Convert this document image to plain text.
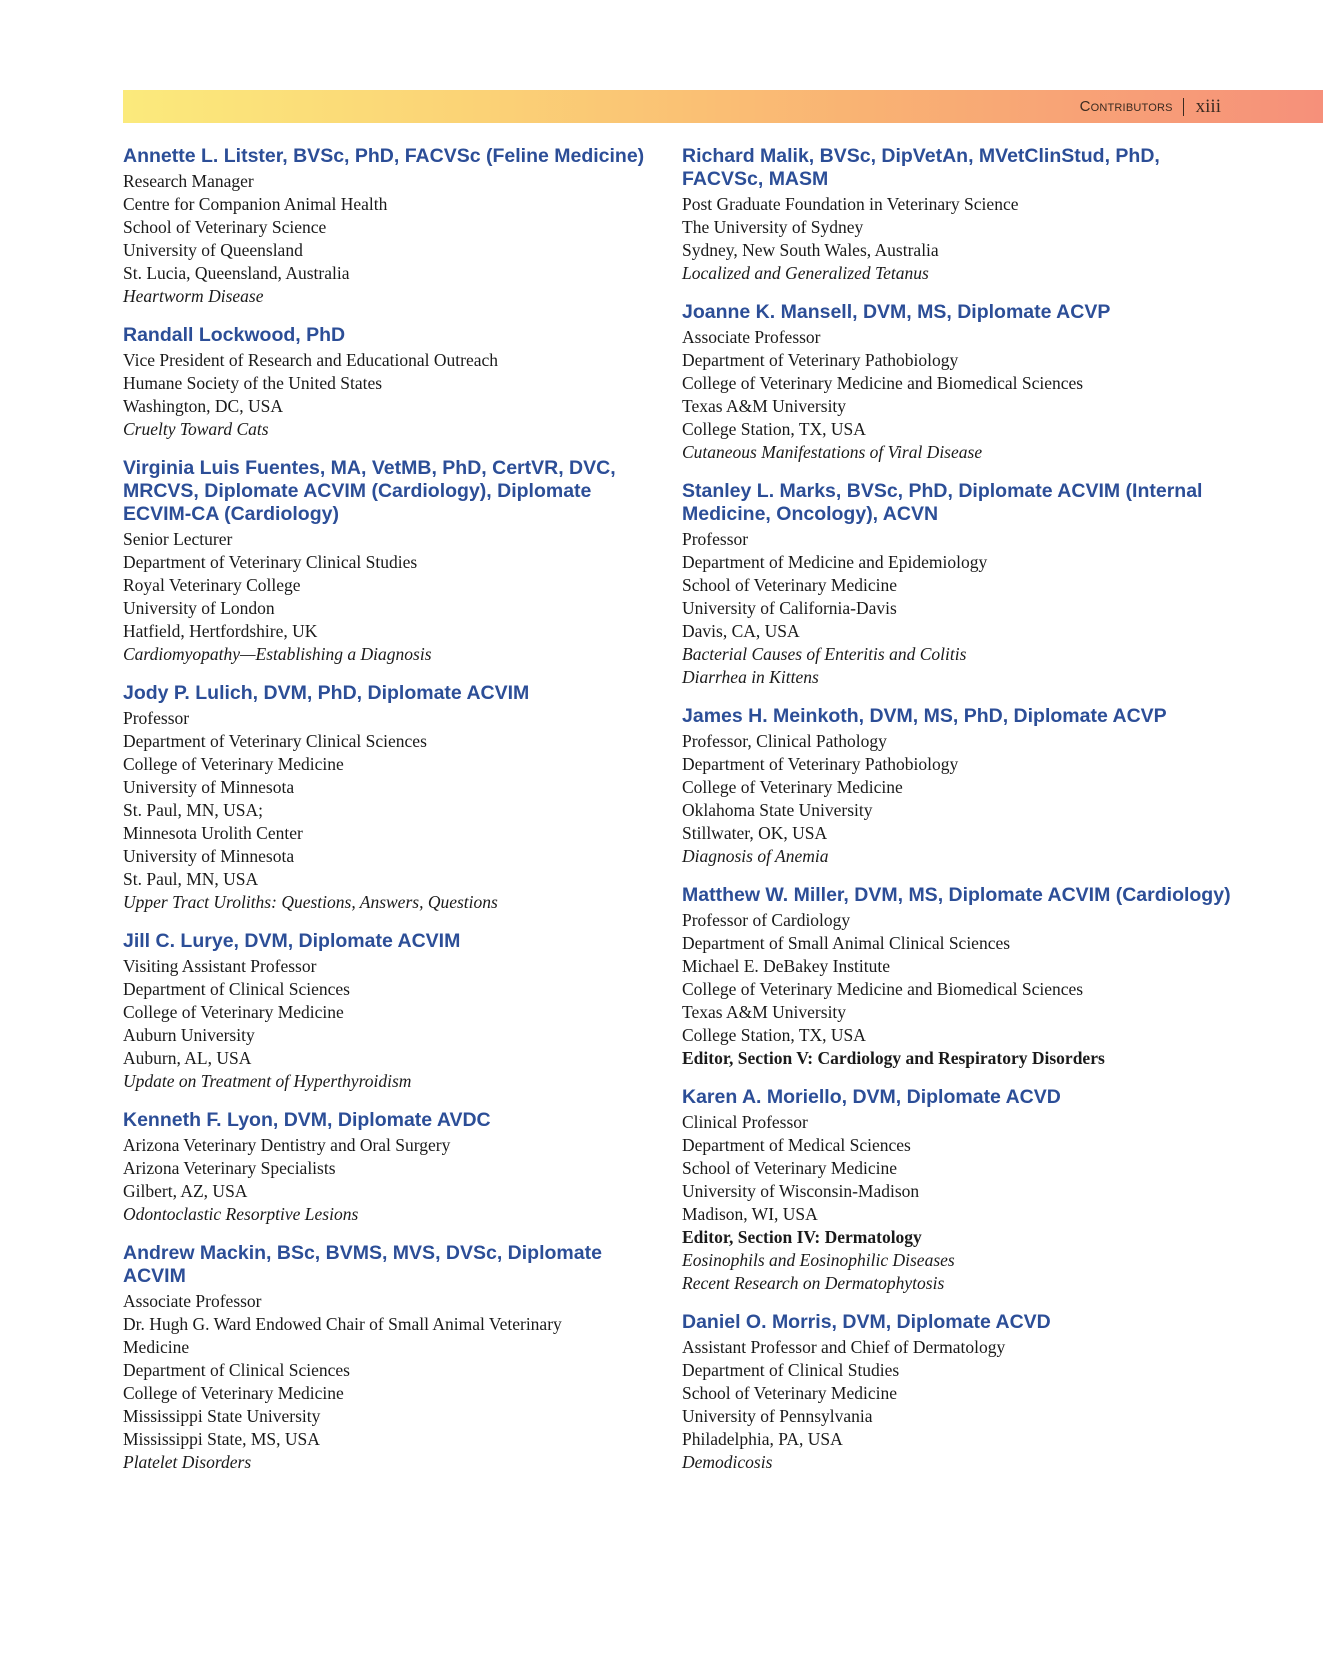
Contributors xiii
Annette L. Litster, BVSc, PhD, FACVSc (Feline Medicine)
Research Manager
Centre for Companion Animal Health
School of Veterinary Science
University of Queensland
St. Lucia, Queensland, Australia
Heartworm Disease
Randall Lockwood, PhD
Vice President of Research and Educational Outreach
Humane Society of the United States
Washington, DC, USA
Cruelty Toward Cats
Virginia Luis Fuentes, MA, VetMB, PhD, CertVR, DVC, MRCVS, Diplomate ACVIM (Cardiology), Diplomate ECVIM-CA (Cardiology)
Senior Lecturer
Department of Veterinary Clinical Studies
Royal Veterinary College
University of London
Hatfield, Hertfordshire, UK
Cardiomyopathy—Establishing a Diagnosis
Jody P. Lulich, DVM, PhD, Diplomate ACVIM
Professor
Department of Veterinary Clinical Sciences
College of Veterinary Medicine
University of Minnesota
St. Paul, MN, USA;
Minnesota Urolith Center
University of Minnesota
St. Paul, MN, USA
Upper Tract Uroliths: Questions, Answers, Questions
Jill C. Lurye, DVM, Diplomate ACVIM
Visiting Assistant Professor
Department of Clinical Sciences
College of Veterinary Medicine
Auburn University
Auburn, AL, USA
Update on Treatment of Hyperthyroidism
Kenneth F. Lyon, DVM, Diplomate AVDC
Arizona Veterinary Dentistry and Oral Surgery
Arizona Veterinary Specialists
Gilbert, AZ, USA
Odontoclastic Resorptive Lesions
Andrew Mackin, BSc, BVMS, MVS, DVSc, Diplomate ACVIM
Associate Professor
Dr. Hugh G. Ward Endowed Chair of Small Animal Veterinary
Medicine
Department of Clinical Sciences
College of Veterinary Medicine
Mississippi State University
Mississippi State, MS, USA
Platelet Disorders
Richard Malik, BVSc, DipVetAn, MVetClinStud, PhD, FACVSc, MASM
Post Graduate Foundation in Veterinary Science
The University of Sydney
Sydney, New South Wales, Australia
Localized and Generalized Tetanus
Joanne K. Mansell, DVM, MS, Diplomate ACVP
Associate Professor
Department of Veterinary Pathobiology
College of Veterinary Medicine and Biomedical Sciences
Texas A&M University
College Station, TX, USA
Cutaneous Manifestations of Viral Disease
Stanley L. Marks, BVSc, PhD, Diplomate ACVIM (Internal Medicine, Oncology), ACVN
Professor
Department of Medicine and Epidemiology
School of Veterinary Medicine
University of California-Davis
Davis, CA, USA
Bacterial Causes of Enteritis and Colitis
Diarrhea in Kittens
James H. Meinkoth, DVM, MS, PhD, Diplomate ACVP
Professor, Clinical Pathology
Department of Veterinary Pathobiology
College of Veterinary Medicine
Oklahoma State University
Stillwater, OK, USA
Diagnosis of Anemia
Matthew W. Miller, DVM, MS, Diplomate ACVIM (Cardiology)
Professor of Cardiology
Department of Small Animal Clinical Sciences
Michael E. DeBakey Institute
College of Veterinary Medicine and Biomedical Sciences
Texas A&M University
College Station, TX, USA
Editor, Section V: Cardiology and Respiratory Disorders
Karen A. Moriello, DVM, Diplomate ACVD
Clinical Professor
Department of Medical Sciences
School of Veterinary Medicine
University of Wisconsin-Madison
Madison, WI, USA
Editor, Section IV: Dermatology
Eosinophils and Eosinophilic Diseases
Recent Research on Dermatophytosis
Daniel O. Morris, DVM, Diplomate ACVD
Assistant Professor and Chief of Dermatology
Department of Clinical Studies
School of Veterinary Medicine
University of Pennsylvania
Philadelphia, PA, USA
Demodicosis
